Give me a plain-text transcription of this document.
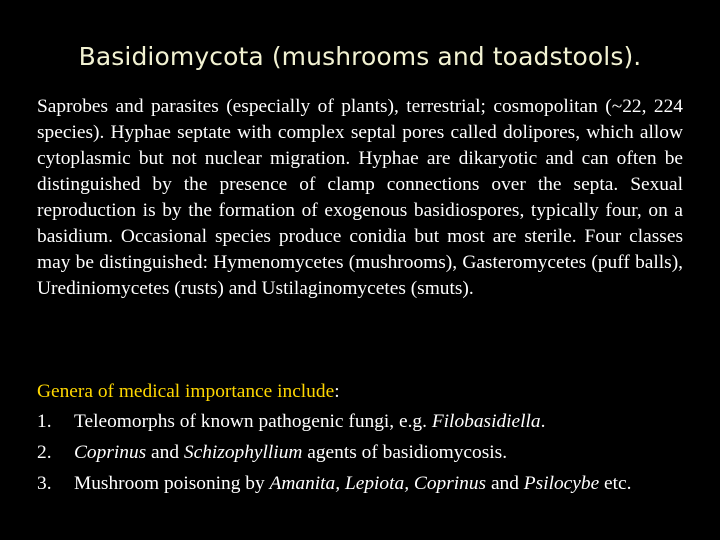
Basidiomycota (mushrooms and toadstools).
Saprobes and parasites (especially of plants), terrestrial; cosmopolitan (~22, 224 species). Hyphae septate with complex septal pores called dolipores, which allow cytoplasmic but not nuclear migration. Hyphae are dikaryotic and can often be distinguished by the presence of clamp connections over the septa. Sexual reproduction is by the formation of exogenous basidiospores, typically four, on a basidium. Occasional species produce conidia but most are sterile. Four classes may be distinguished: Hymenomycetes (mushrooms), Gasteromycetes (puff balls), Urediniomycetes (rusts) and Ustilaginomycetes (smuts).
Genera of medical importance include:
1. Teleomorphs of known pathogenic fungi, e.g. Filobasidiella.
2. Coprinus and Schizophyllium agents of basidiomycosis.
3. Mushroom poisoning by Amanita, Lepiota, Coprinus and Psilocybe etc.
